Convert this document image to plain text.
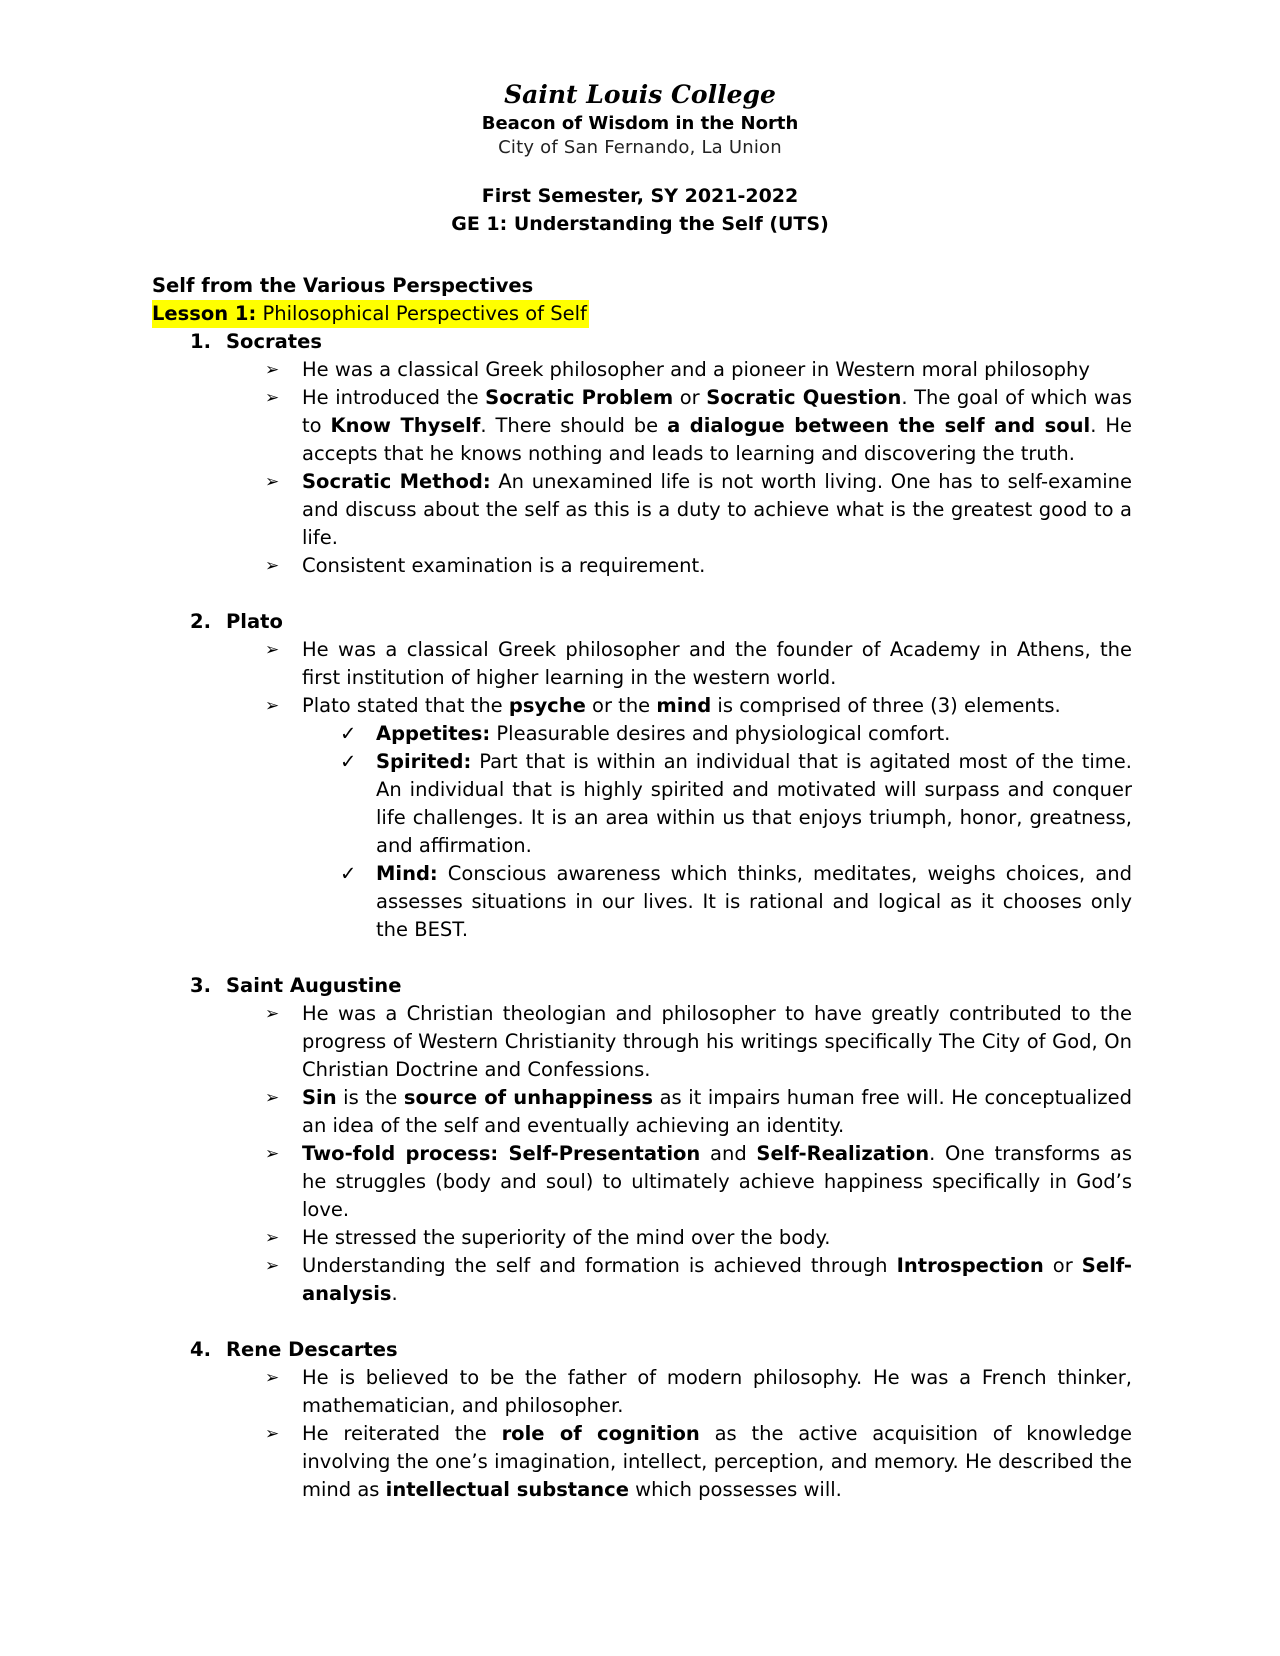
Saint Louis College
Beacon of Wisdom in the North
City of San Fernando, La Union
First Semester, SY 2021-2022
GE 1: Understanding the Self (UTS)

Self from the Various Perspectives

Lesson 1: Philosophical Perspectives of Self

1. Socrates

➢ He was a classical Greek philosopher and a pioneer in Western moral philosophy
➢ He introduced the Socratic Problem or Socratic Question. The goal of which was to Know Thyself. There should be a dialogue between the self and soul. He accepts that he knows nothing and leads to learning and discovering the truth.
➢ Socratic Method: An unexamined life is not worth living. One has to self-examine and discuss about the self as this is a duty to achieve what is the greatest good to a life.
➢ Consistent examination is a requirement.

2. Plato

➢ He was a classical Greek philosopher and the founder of Academy in Athens, the first institution of higher learning in the western world.
➢ Plato stated that the psyche or the mind is comprised of three (3) elements.
✓ Appetites: Pleasurable desires and physiological comfort.
✓ Spirited: Part that is within an individual that is agitated most of the time. An individual that is highly spirited and motivated will surpass and conquer life challenges. It is an area within us that enjoys triumph, honor, greatness, and affirmation.
✓ Mind: Conscious awareness which thinks, meditates, weighs choices, and assesses situations in our lives. It is rational and logical as it chooses only the BEST.

3. Saint Augustine

➢ He was a Christian theologian and philosopher to have greatly contributed to the progress of Western Christianity through his writings specifically The City of God, On Christian Doctrine and Confessions.
➢ Sin is the source of unhappiness as it impairs human free will. He conceptualized an idea of the self and eventually achieving an identity.
➢ Two-fold process: Self-Presentation and Self-Realization. One transforms as he struggles (body and soul) to ultimately achieve happiness specifically in God’s love.
➢ He stressed the superiority of the mind over the body.
➢ Understanding the self and formation is achieved through Introspection or Self-analysis.

4. Rene Descartes

➢ He is believed to be the father of modern philosophy. He was a French thinker, mathematician, and philosopher.
➢ He reiterated the role of cognition as the active acquisition of knowledge involving the one’s imagination, intellect, perception, and memory. He described the mind as intellectual substance which possesses will.
